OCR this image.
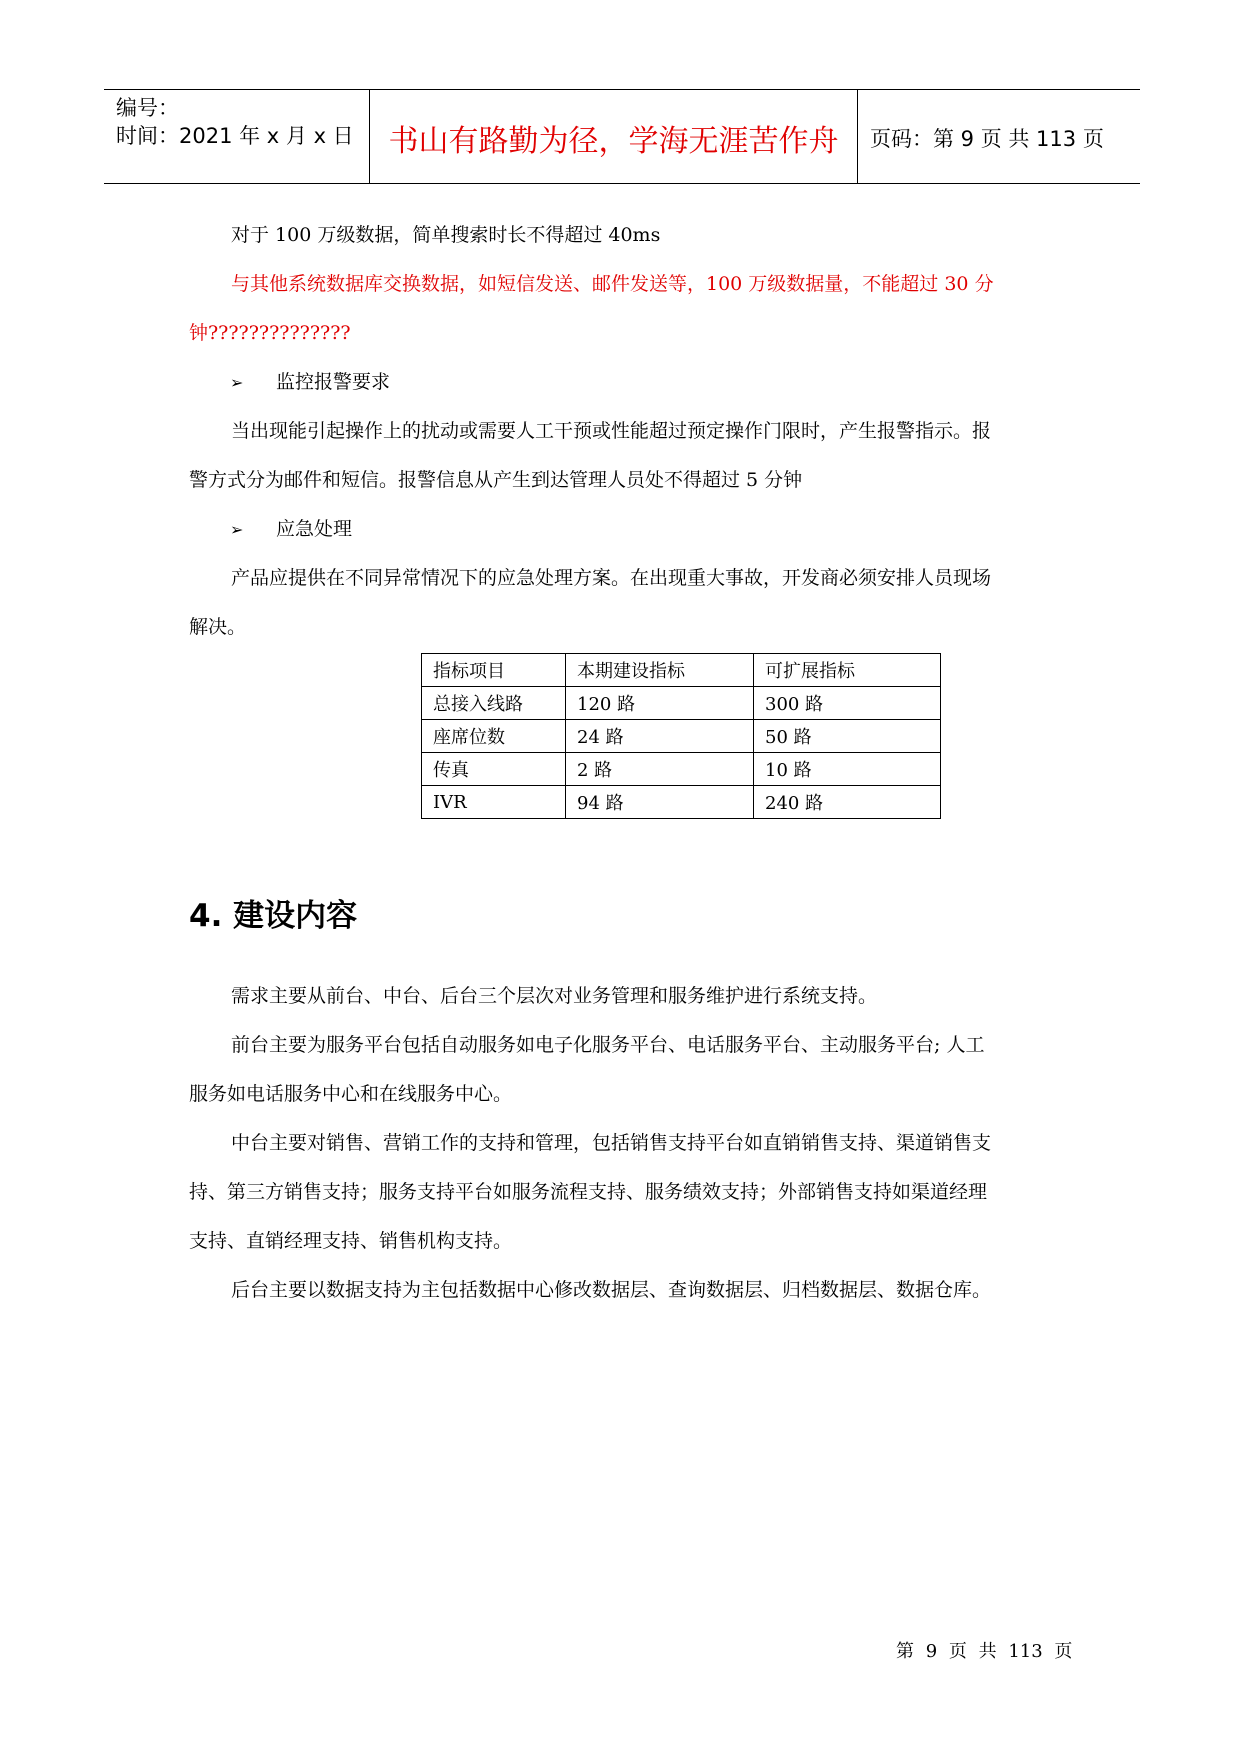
编号：
时间：2021 年 x 月 x 日	书山有路勤为径，学海无涯苦作舟	页码：第 9 页 共 113 页
对于 100 万级数据，简单搜索时长不得超过 40ms
与其他系统数据库交换数据，如短信发送、邮件发送等，100 万级数据量，不能超过 30 分
钟??????????????
➢ 监控报警要求
当出现能引起操作上的扰动或需要人工干预或性能超过预定操作门限时，产生报警指示。报
警方式分为邮件和短信。报警信息从产生到达管理人员处不得超过 5 分钟
➢ 应急处理
产品应提供在不同异常情况下的应急处理方案。在出现重大事故，开发商必须安排人员现场
解决。
指标项目	本期建设指标	可扩展指标
总接入线路	120 路	300 路
座席位数	24 路	50 路
传真	2 路	10 路
IVR	94 路	240 路
4. 建设内容
需求主要从前台、中台、后台三个层次对业务管理和服务维护进行系统支持。
前台主要为服务平台包括自动服务如电子化服务平台、电话服务平台、主动服务平台; 人工
服务如电话服务中心和在线服务中心。
中台主要对销售、营销工作的支持和管理，包括销售支持平台如直销销售支持、渠道销售支
持、第三方销售支持；服务支持平台如服务流程支持、服务绩效支持；外部销售支持如渠道经理
支持、直销经理支持、销售机构支持。
后台主要以数据支持为主包括数据中心修改数据层、查询数据层、归档数据层、数据仓库。
第 9 页 共 113 页
